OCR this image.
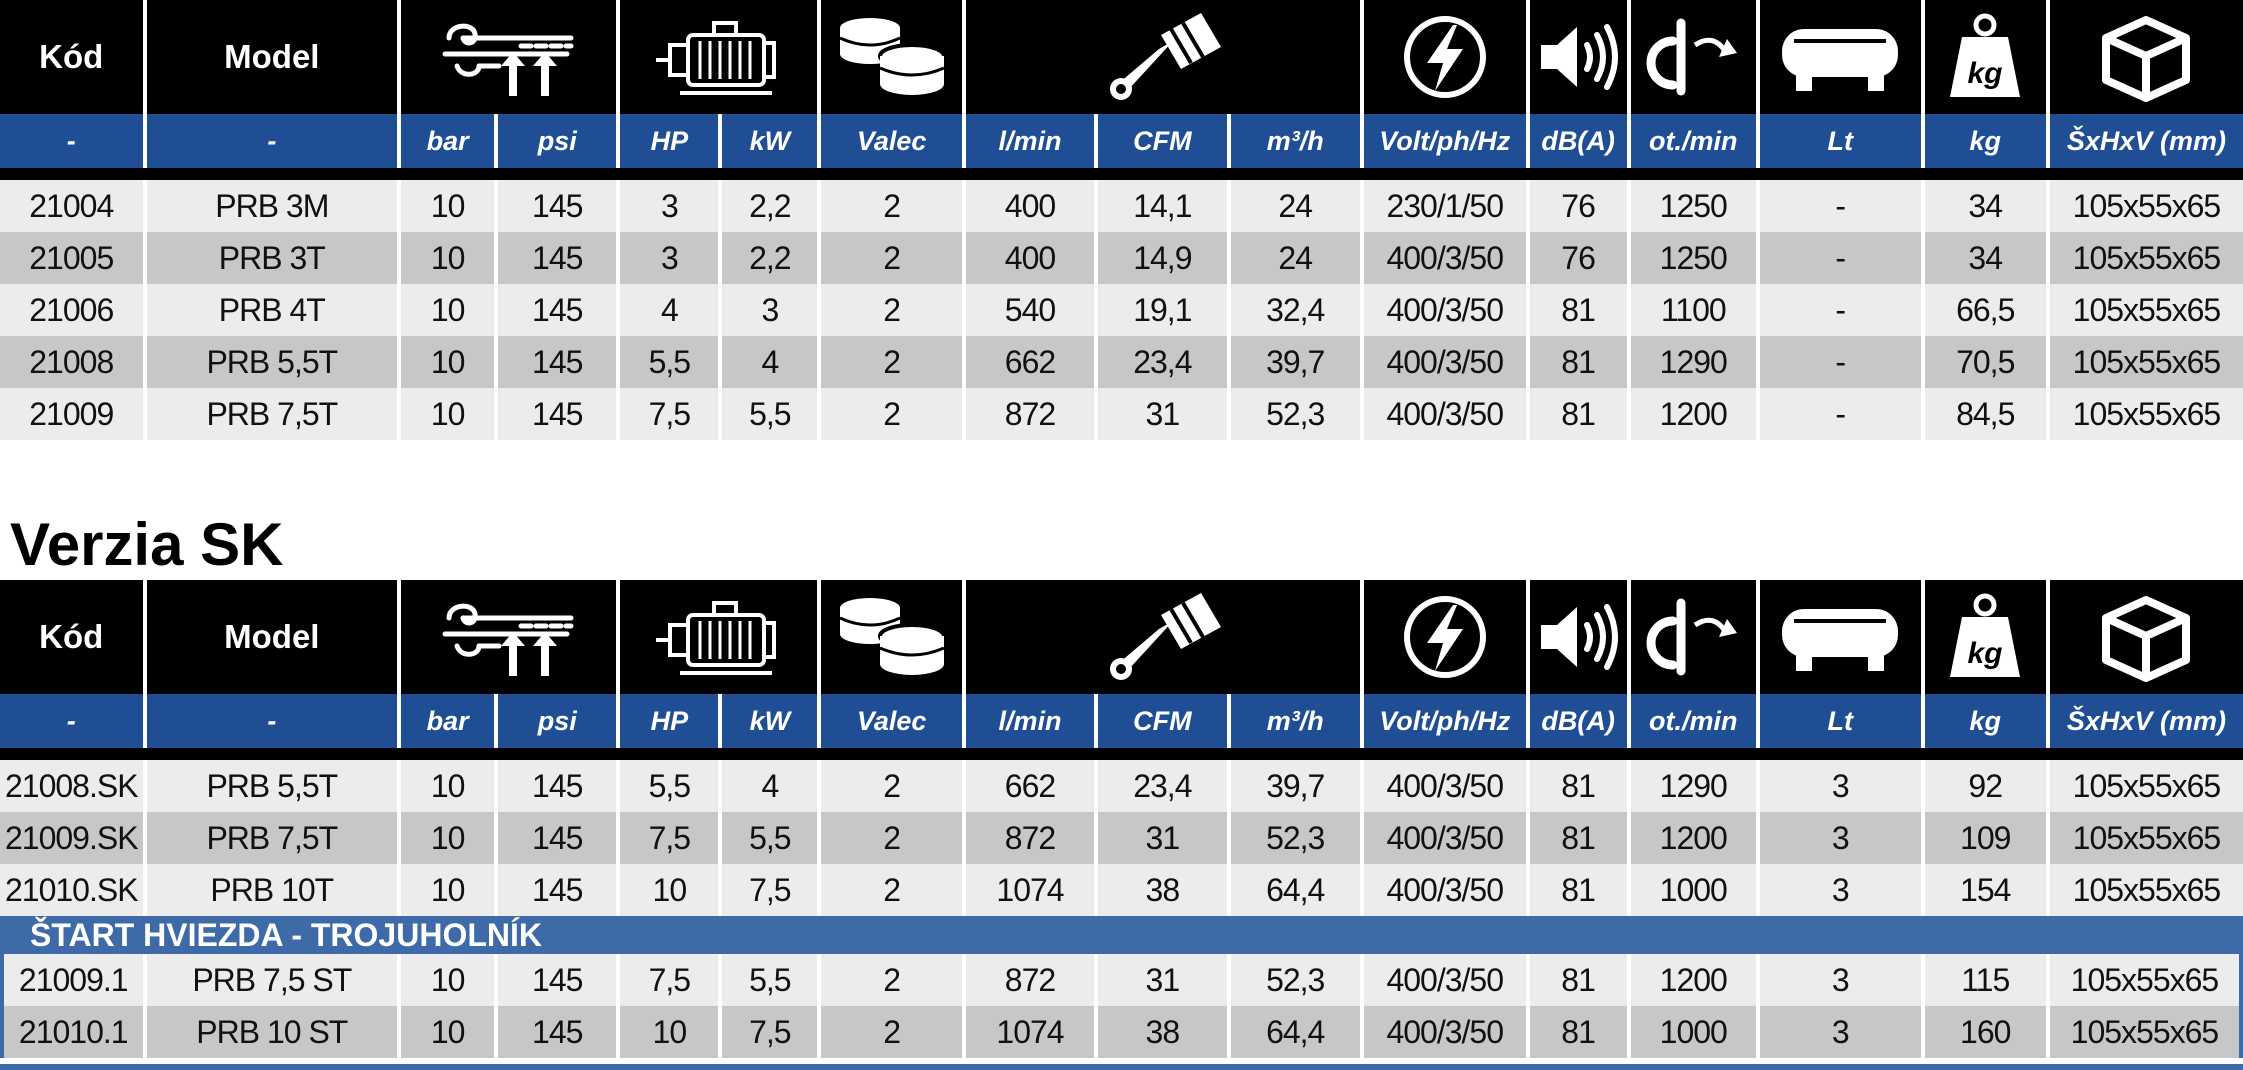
Kód	Model													kg

-	-	bar	psi	HP	kW	Valec	l/min	CFM	m³/h	Volt/ph/Hz	dB(A)	ot./min	Lt	kg	ŠxHxV (mm)

21004	PRB 3M	10	145	3	2,2	2	400	14,1	24	230/1/50	76	1250	-	34	105x55x65
21005	PRB 3T	10	145	3	2,2	2	400	14,9	24	400/3/50	76	1250	-	34	105x55x65
21006	PRB 4T	10	145	4	3	2	540	19,1	32,4	400/3/50	81	1100	-	66,5	105x55x65
21008	PRB 5,5T	10	145	5,5	4	2	662	23,4	39,7	400/3/50	81	1290	-	70,5	105x55x65
21009	PRB 7,5T	10	145	7,5	5,5	2	872	31	52,3	400/3/50	81	1200	-	84,5	105x55x65
Verzia SK
Kód	Model													kg

-	-	bar	psi	HP	kW	Valec	l/min	CFM	m³/h	Volt/ph/Hz	dB(A)	ot./min	Lt	kg	ŠxHxV (mm)

21008.SK	PRB 5,5T	10	145	5,5	4	2	662	23,4	39,7	400/3/50	81	1290	3	92	105x55x65
21009.SK	PRB 7,5T	10	145	7,5	5,5	2	872	31	52,3	400/3/50	81	1200	3	109	105x55x65
21010.SK	PRB 10T	10	145	10	7,5	2	1074	38	64,4	400/3/50	81	1000	3	154	105x55x65
ŠTART HVIEZDA - TROJUHOLNÍK															
21009.1	PRB 7,5 ST	10	145	7,5	5,5	2	872	31	52,3	400/3/50	81	1200	3	115	105x55x65
21010.1	PRB 10 ST	10	145	10	7,5	2	1074	38	64,4	400/3/50	81	1000	3	160	105x55x65
